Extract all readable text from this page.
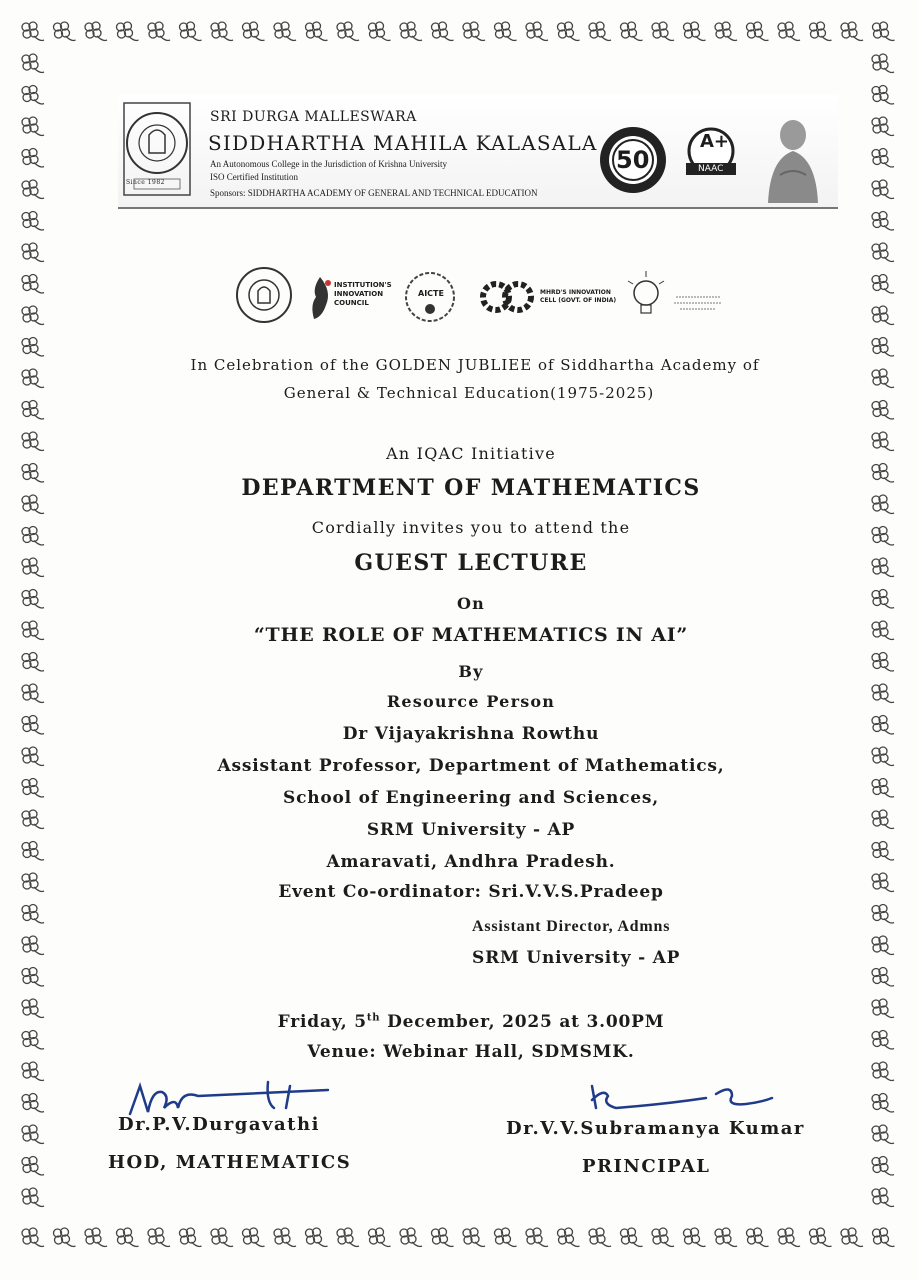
Since 1982
SRI DURGA MALLESWARA
SIDDHARTHA MAHILA KALASALA
An Autonomous College in the Jurisdiction of Krishna University
ISO Certified Institution
Sponsors: SIDDHARTHA ACADEMY OF GENERAL AND TECHNICAL EDUCATION
50
A+
NAAC
INSTITUTION'S INNOVATION COUNCIL
AICTE	MHRD'S INNOVATION CELL (GOVT. OF INDIA)
In Celebration of the GOLDEN JUBLIEE of Siddhartha Academy of
General & Technical Education(1975-2025)
An IQAC Initiative
DEPARTMENT OF MATHEMATICS
Cordially invites you to attend the
GUEST LECTURE
On
“THE ROLE OF MATHEMATICS IN AI”
By
Resource Person
Dr Vijayakrishna Rowthu
Assistant Professor, Department of Mathematics,
School of Engineering and Sciences,
SRM University - AP
Amaravati, Andhra Pradesh.
Event Co-ordinator: Sri.V.V.S.Pradeep
Assistant Director, Admns
SRM University - AP
Friday, 5th December, 2025 at 3.00PM
Venue: Webinar Hall, SDMSMK.
Dr.P.V.Durgavathi
HOD, MATHEMATICS
Dr.V.V.Subramanya Kumar
PRINCIPAL
